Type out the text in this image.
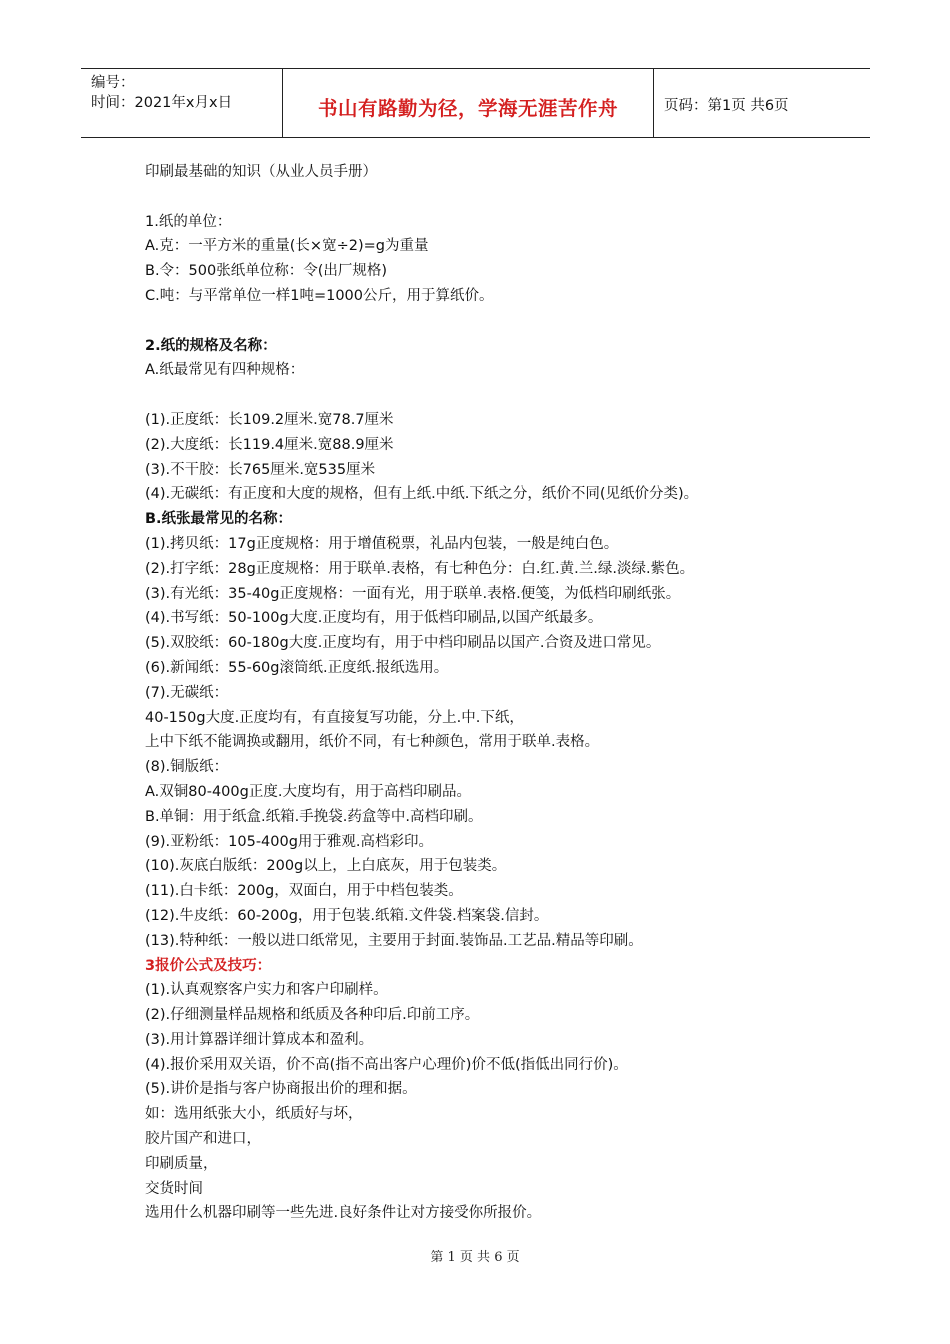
编号：
时间：2021年x月x日	书山有路勤为径，学海无涯苦作舟	页码：第1页 共6页
印刷最基础的知识（从业人员手册）
1.纸的单位：
A.克：一平方米的重量(长×宽÷2)=g为重量
B.令：500张纸单位称：令(出厂规格)
C.吨：与平常单位一样1吨=1000公斤，用于算纸价。
2.纸的规格及名称：
A.纸最常见有四种规格：
(1).正度纸：长109.2厘米.宽78.7厘米
(2).大度纸：长119.4厘米.宽88.9厘米
(3).不干胶：长765厘米.宽535厘米
(4).无碳纸：有正度和大度的规格，但有上纸.中纸.下纸之分，纸价不同(见纸价分类)。
B.纸张最常见的名称：
(1).拷贝纸：17g正度规格：用于增值税票，礼品内包装，一般是纯白色。
(2).打字纸：28g正度规格：用于联单.表格，有七种色分：白.红.黄.兰.绿.淡绿.紫色。
(3).有光纸：35-40g正度规格：一面有光，用于联单.表格.便笺，为低档印刷纸张。
(4).书写纸：50-100g大度.正度均有，用于低档印刷品,以国产纸最多。
(5).双胶纸：60-180g大度.正度均有，用于中档印刷品以国产.合资及进口常见。
(6).新闻纸：55-60g滚筒纸.正度纸.报纸选用。
(7).无碳纸：
40-150g大度.正度均有，有直接复写功能，分上.中.下纸，
上中下纸不能调换或翻用，纸价不同，有七种颜色，常用于联单.表格。
(8).铜版纸：
A.双铜80-400g正度.大度均有，用于高档印刷品。
B.单铜：用于纸盒.纸箱.手挽袋.药盒等中.高档印刷。
(9).亚粉纸：105-400g用于雅观.高档彩印。
(10).灰底白版纸：200g以上，上白底灰，用于包装类。
(11).白卡纸：200g，双面白，用于中档包装类。
(12).牛皮纸：60-200g，用于包装.纸箱.文件袋.档案袋.信封。
(13).特种纸：一般以进口纸常见，主要用于封面.装饰品.工艺品.精品等印刷。
3报价公式及技巧：
(1).认真观察客户实力和客户印刷样。
(2).仔细测量样品规格和纸质及各种印后.印前工序。
(3).用计算器详细计算成本和盈利。
(4).报价采用双关语，价不高(指不高出客户心理价)价不低(指低出同行价)。
(5).讲价是指与客户协商报出价的理和据。
如：选用纸张大小，纸质好与坏，
胶片国产和进口，
印刷质量，
交货时间
选用什么机器印刷等一些先进.良好条件让对方接受你所报价。
第 1 页 共 6 页
